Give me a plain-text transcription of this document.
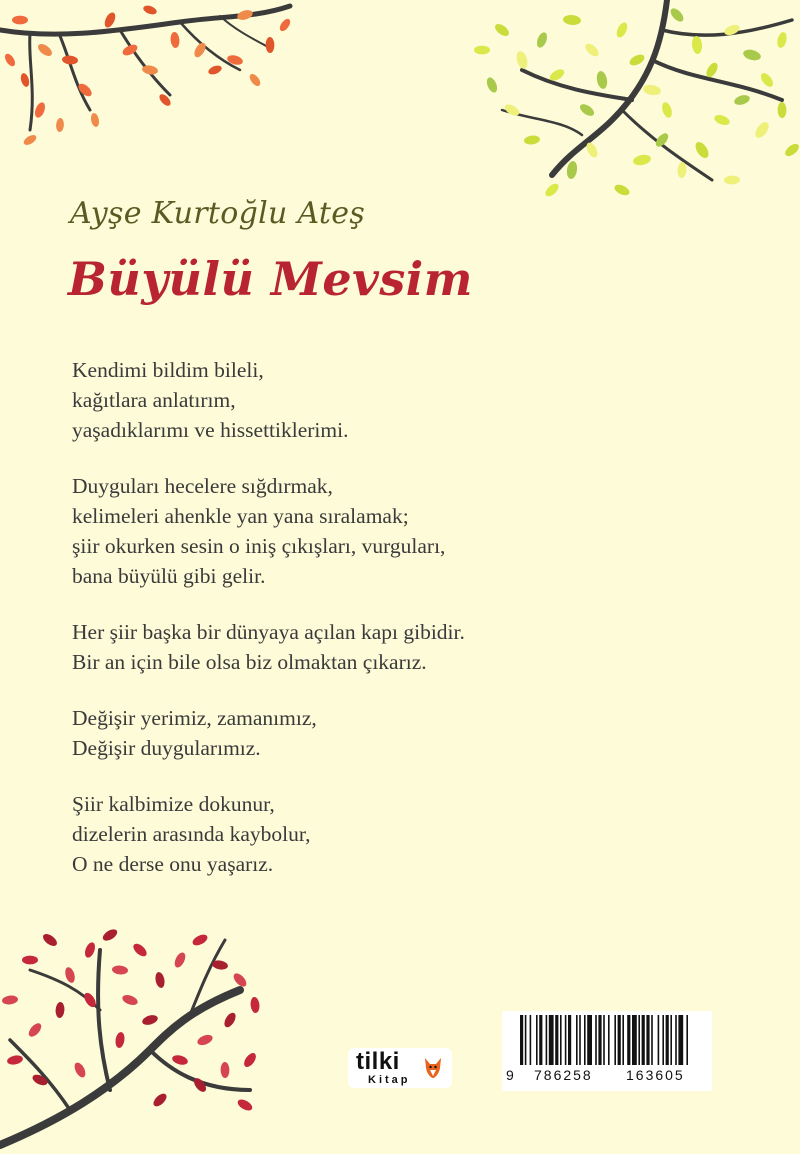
Ayşe Kurtoğlu Ateş
Büyülü Mevsim
Kendimi bildim bileli,
kağıtlara anlatırım,
yaşadıklarımı ve hissettiklerimi.
Duyguları hecelere sığdırmak,
kelimeleri ahenkle yan yana sıralamak;
şiir okurken sesin o iniş çıkışları, vurguları,
bana büyülü gibi gelir.
Her şiir başka bir dünyaya açılan kapı gibidir.
Bir an için bile olsa biz olmaktan çıkarız.
Değişir yerimiz, zamanımız,
Değişir duygularımız.
Şiir kalbimize dokunur,
dizelerin arasında kaybolur,
O ne derse onu yaşarız.
tilki
Kitap	9 786258 163605
